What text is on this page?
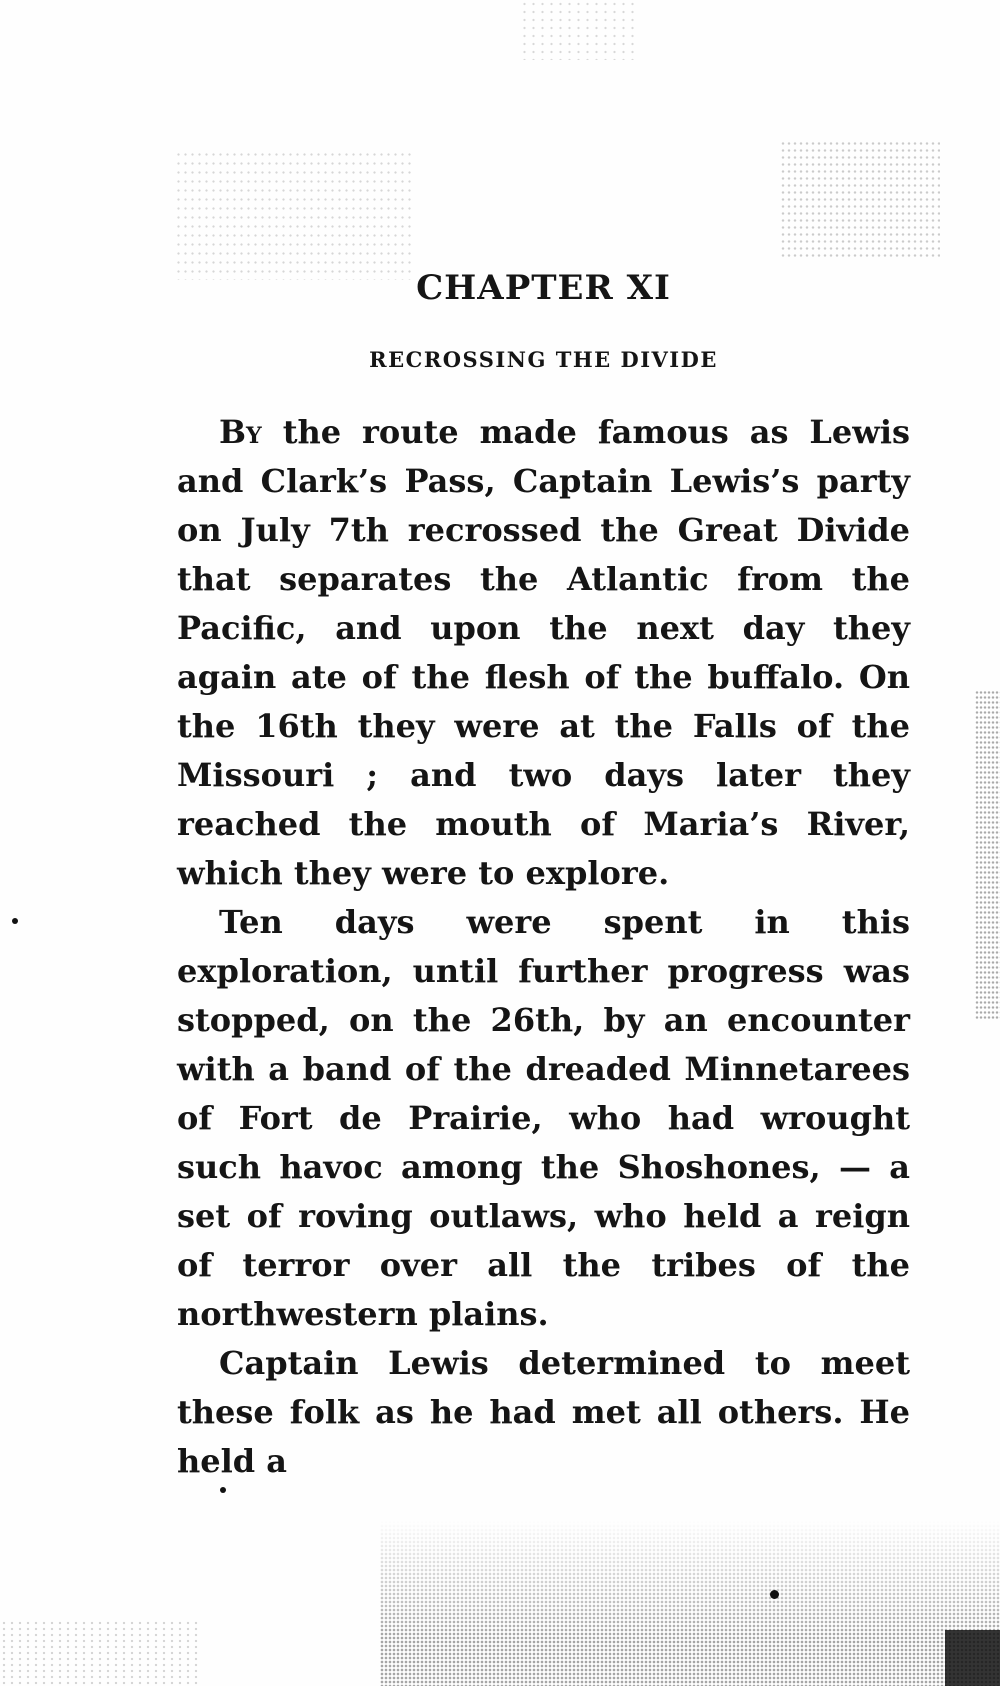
CHAPTER XI
RECROSSING THE DIVIDE

By the route made famous as Lewis and Clark’s Pass, Captain Lewis’s party on July 7th recrossed the Great Divide that separates the Atlantic from the Pacific, and upon the next day they again ate of the flesh of the buffalo. On the 16th they were at the Falls of the Missouri ; and two days later they reached the mouth of Maria’s River, which they were to explore.

Ten days were spent in this exploration, until further progress was stopped, on the 26th, by an encounter with a band of the dreaded Minnetarees of Fort de Prairie, who had wrought such havoc among the Shoshones, — a set of roving outlaws, who held a reign of terror over all the tribes of the northwestern plains.

Captain Lewis determined to meet these folk as he had met all others. He held a
